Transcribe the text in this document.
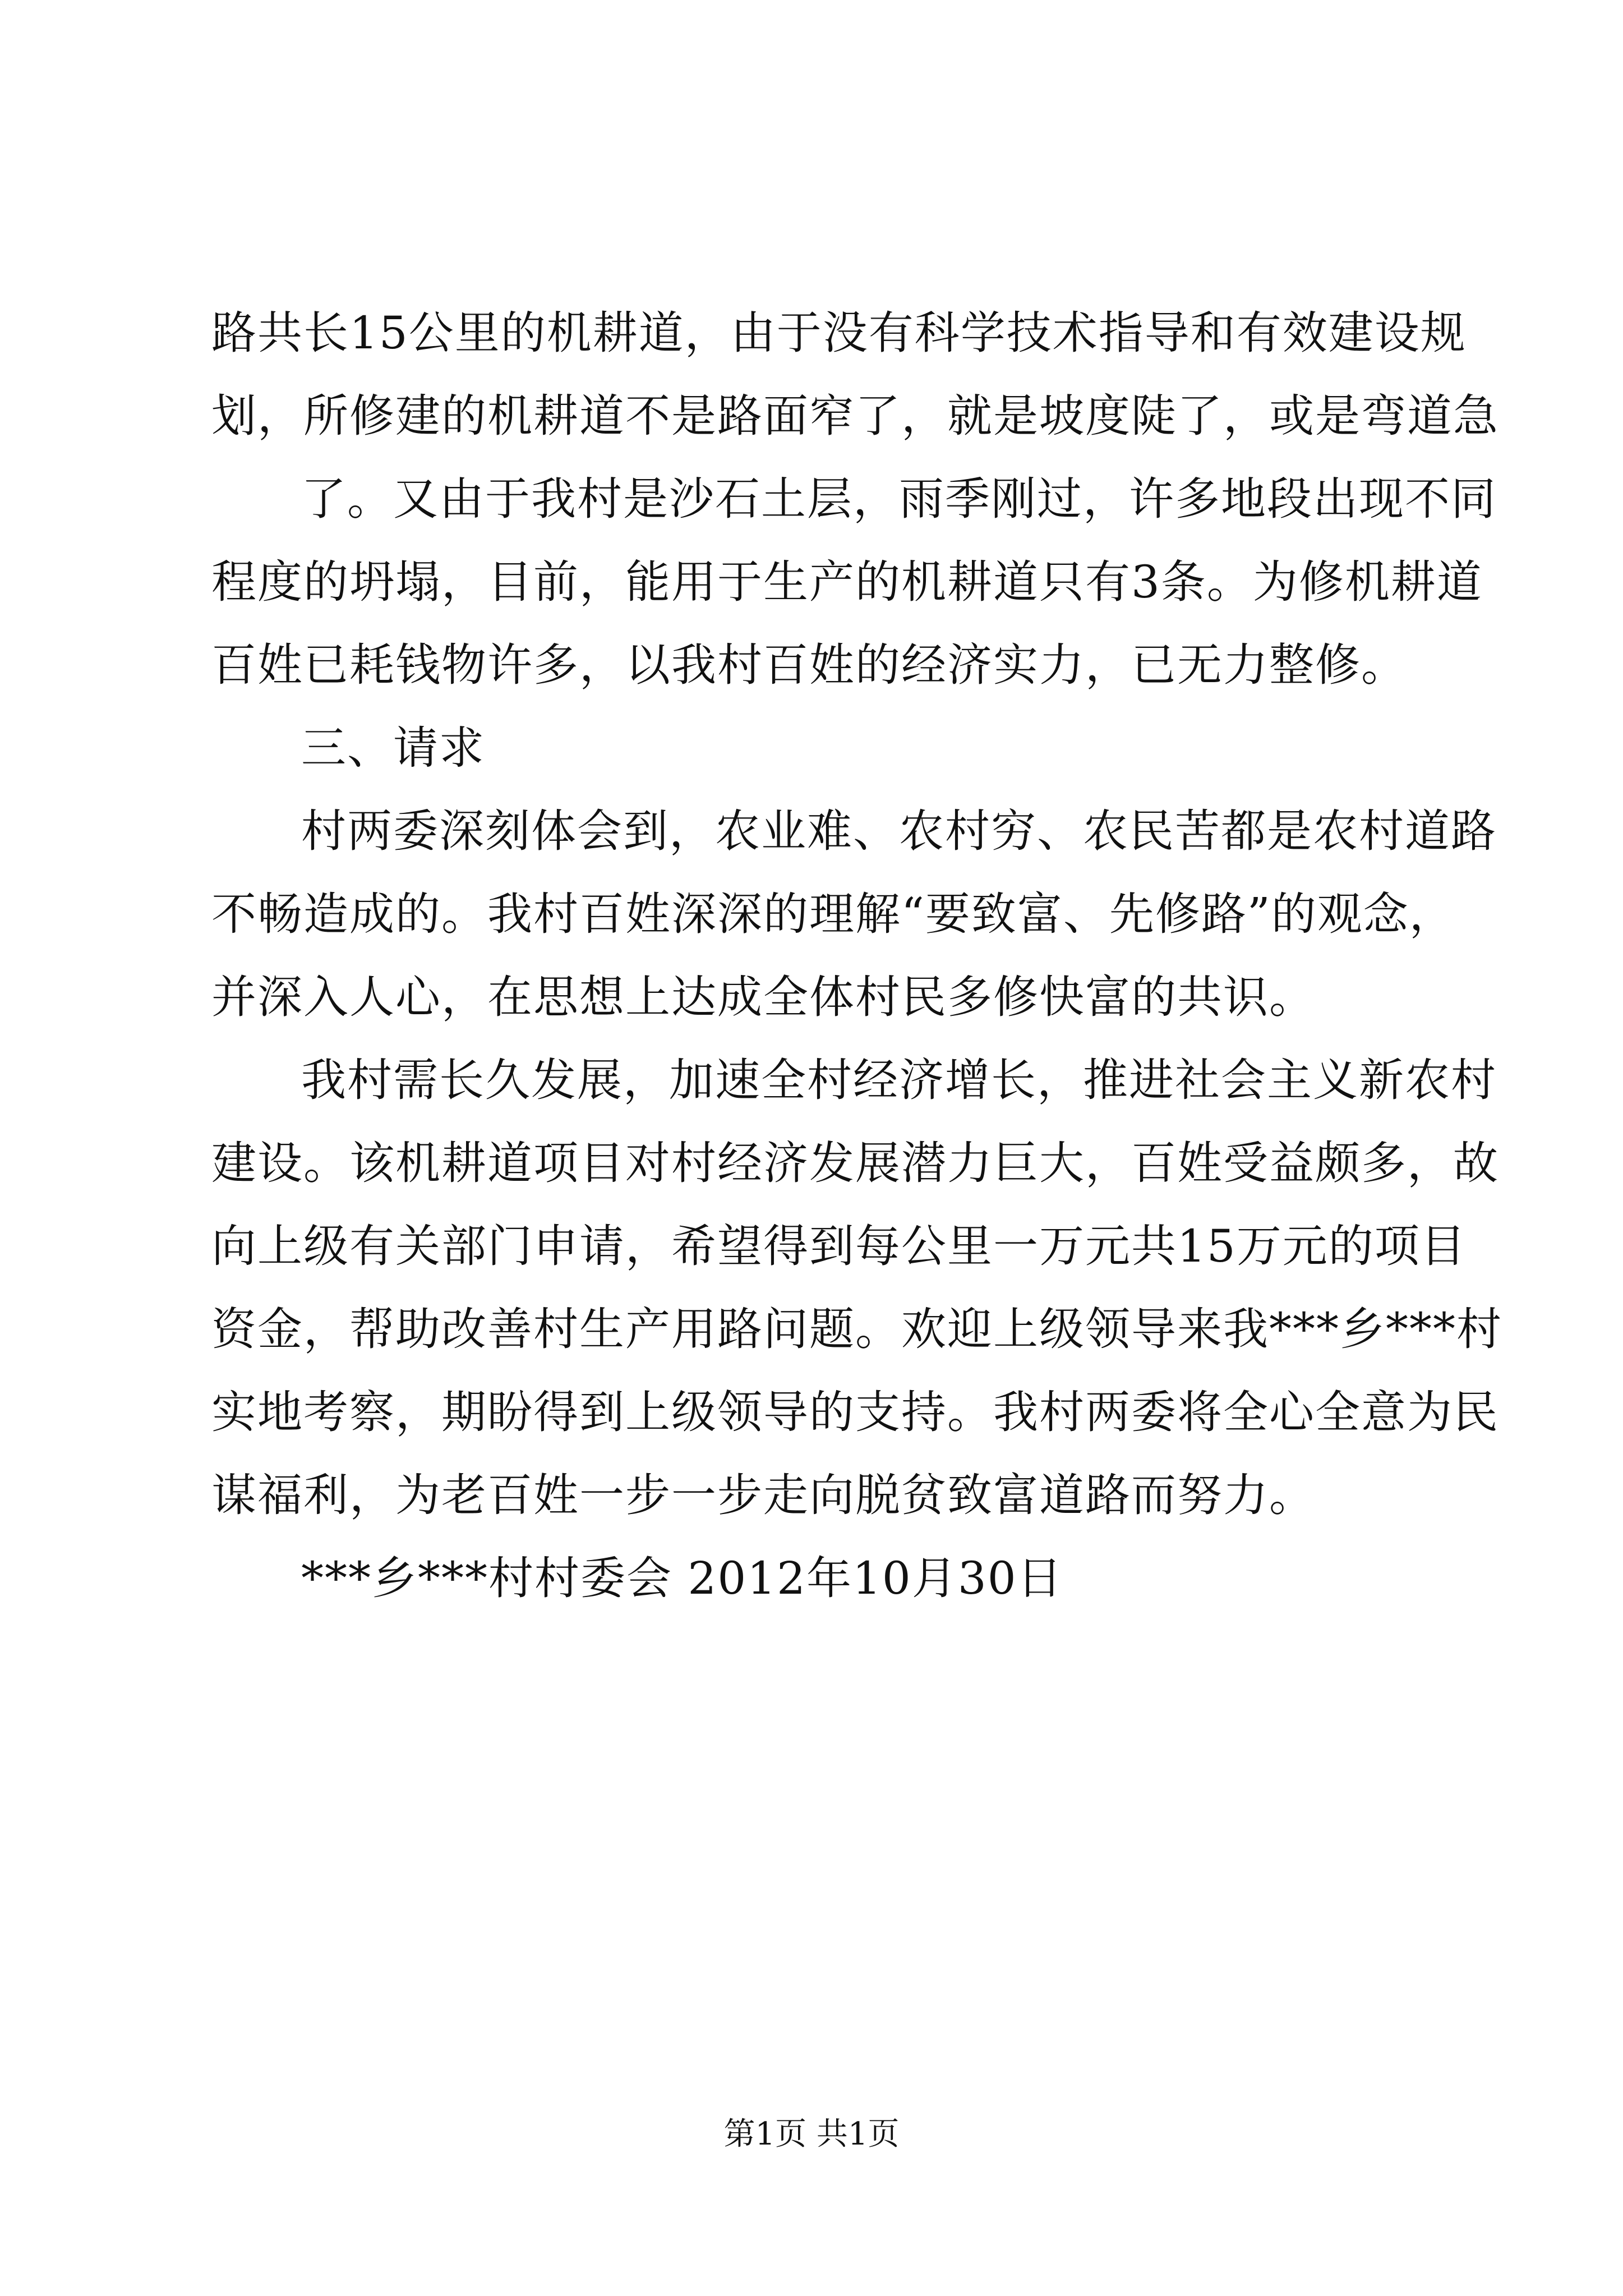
路共长15公里的机耕道，由于没有科学技术指导和有效建设规
划，所修建的机耕道不是路面窄了，就是坡度陡了，或是弯道急
了。又由于我村是沙石土层，雨季刚过，许多地段出现不同
程度的坍塌，目前，能用于生产的机耕道只有3条。为修机耕道
百姓已耗钱物许多，以我村百姓的经济实力，已无力整修。
三、请求
村两委深刻体会到，农业难、农村穷、农民苦都是农村道路
不畅造成的。我村百姓深深的理解“要致富、先修路”的观念，
并深入人心，在思想上达成全体村民多修快富的共识。
我村需长久发展，加速全村经济增长，推进社会主义新农村
建设。该机耕道项目对村经济发展潜力巨大，百姓受益颇多，故
向上级有关部门申请，希望得到每公里一万元共15万元的项目
资金，帮助改善村生产用路问题。欢迎上级领导来我***乡***村
实地考察，期盼得到上级领导的支持。我村两委将全心全意为民
谋福利，为老百姓一步一步走向脱贫致富道路而努力。
***乡***村村委会 2012年10月30日
第1页 共1页
